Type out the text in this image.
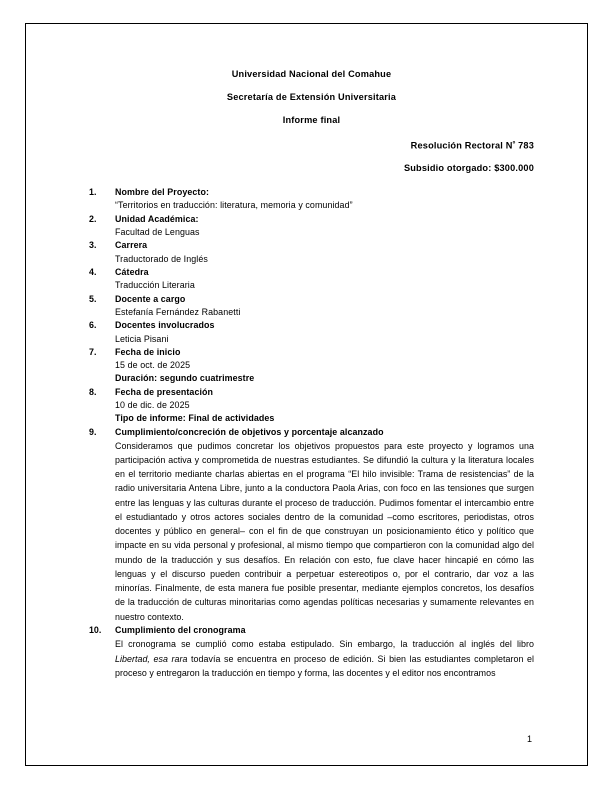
Universidad Nacional del Comahue
Secretaría de Extensión Universitaria
Informe final
Resolución Rectoral $N^º$ 783
Subsidio otorgado: $300.000
Nombre del Proyecto:
“Territorios en traducción: literatura, memoria y comunidad”
Unidad Académica:
Facultad de Lenguas
Carrera
Traductorado de Inglés
Cátedra
Traducción Literaria
Docente a cargo
Estefanía Fernández Rabanetti
Docentes involucrados
Leticia Pisani
Fecha de inicio
15 de oct. de 2025
Duración: segundo cuatrimestre
Fecha de presentación
10 de dic. de 2025
Tipo de informe: Final de actividades
Cumplimiento/concreción de objetivos y porcentaje alcanzado

Consideramos que pudimos concretar los objetivos propuestos para este proyecto y logramos una participación activa y comprometida de nuestras estudiantes. Se difundió la cultura y la literatura locales en el territorio mediante charlas abiertas en el programa “El hilo invisible: Trama de resistencias” de la radio universitaria Antena Libre, junto a la conductora Paola Arias, con foco en las tensiones que surgen entre las lenguas y las culturas durante el proceso de traducción. Pudimos fomentar el intercambio entre el estudiantado y otros actores sociales dentro de la comunidad –como escritores, periodistas, otros docentes y público en general– con el fin de que construyan un posicionamiento ético y político que impacte en su vida personal y profesional, al mismo tiempo que compartieron con la comunidad algo del mundo de la traducción y sus desafíos. En relación con esto, fue clave hacer hincapié en cómo las lenguas y el discurso pueden contribuir a perpetuar estereotipos o, por el contrario, dar voz a las minorías. Finalmente, de esta manera fue posible presentar, mediante ejemplos concretos, los desafíos de la traducción de culturas minoritarias como agendas políticas necesarias y sumamente relevantes en nuestro contexto.

Cumplimiento del cronograma

El cronograma se cumplió como estaba estipulado. Sin embargo, la traducción al inglés del libro Libertad, esa rara todavía se encuentra en proceso de edición. Si bien las estudiantes completaron el proceso y entregaron la traducción en tiempo y forma, las docentes y el editor nos encontramos

1
